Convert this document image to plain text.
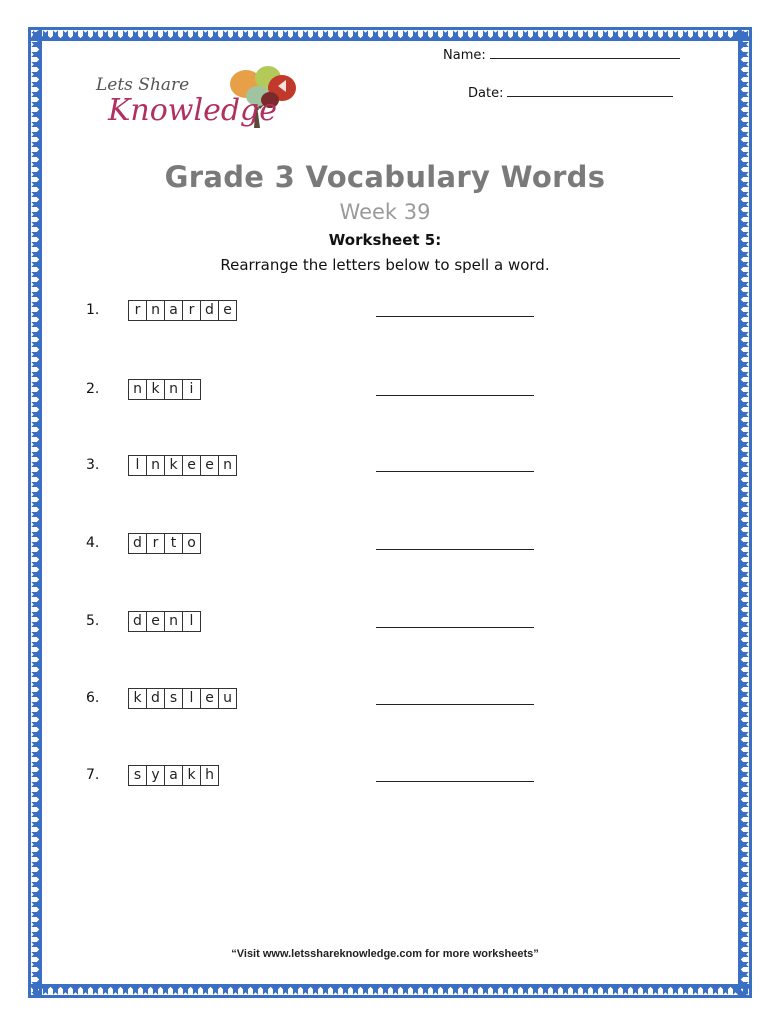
Lets Share
Knowledge
Name:
Date:
Grade 3 Vocabulary Words
Week 39
Worksheet 5:
Rearrange the letters below to spell a word.
1.	r n a r d e
2.	n k n i
3.	l n k e e n
4.	d r t o
5.	d e n l
6.	k d s l e u
7.	s y a k h
“Visit www.letsshareknowledge.com for more worksheets”
